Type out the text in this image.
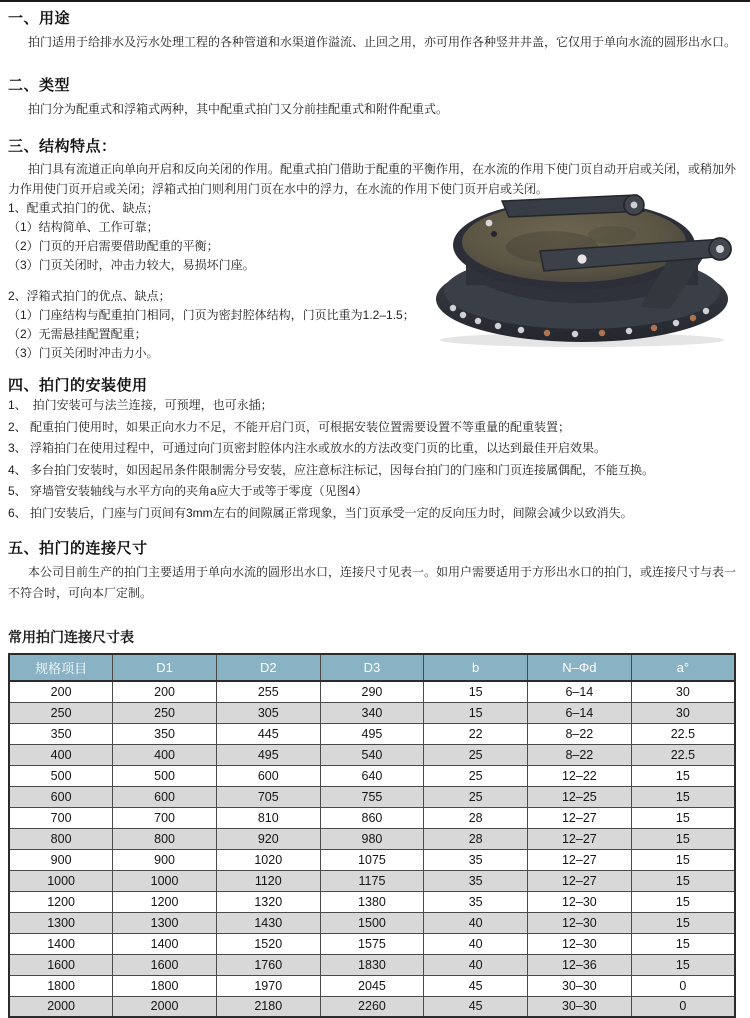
一、用途

拍门适用于给排水及污水处理工程的各种管道和水渠道作溢流、止回之用，亦可用作各种竖井井盖，它仅用于单向水流的圆形出水口。

二、类型

拍门分为配重式和浮箱式两种，其中配重式拍门又分前挂配重式和附件配重式。

三、结构特点：

拍门具有流道正向单向开启和反向关闭的作用。配重式拍门借助于配重的平衡作用，在水流的作用下使门页自动开启或关闭，或稍加外力作用使门页开启或关闭；浮箱式拍门则利用门页在水中的浮力，在水流的作用下使门页开启或关闭。

1、配重式拍门的优、缺点；
（1）结构简单、工作可靠；
（2）门页的开启需要借助配重的平衡；
（3）门页关闭时，冲击力较大，易损坏门座。
2、浮箱式拍门的优点、缺点；
（1）门座结构与配重拍门相同，门页为密封腔体结构，门页比重为1.2–1.5；
（2）无需悬挂配置配重；
（3）门页关闭时冲击力小。
四、拍门的安装使用
1、　拍门安装可与法兰连接，可预埋，也可永插；
2、 配重拍门使用时，如果正向水力不足，不能开启门页，可根据安装位置需要设置不等重量的配重装置；
3、 浮箱拍门在使用过程中，可通过向门页密封腔体内注水或放水的方法改变门页的比重，以达到最佳开启效果。
4、 多台拍门安装时，如因起吊条件限制需分号安装，应注意标注标记，因每台拍门的门座和门页连接属偶配，不能互换。
5、 穿墙管安装轴线与水平方向的夹角a应大于或等于零度（见图4）
6、 拍门安装后，门座与门页间有3mm左右的间隙属正常现象，当门页承受一定的反向压力时，间隙会减少以致消失。
五、拍门的连接尺寸

本公司目前生产的拍门主要适用于单向水流的圆形出水口，连接尺寸见表一。如用户需要适用于方形出水口的拍门，或连接尺寸与表一不符合时，可向本厂定制。

常用拍门连接尺寸表
规格项目	D1	D2	D3	b	N–Φd	a°
200	200	255	290	15	6–14	30
250	250	305	340	15	6–14	30
350	350	445	495	22	8–22	22.5
400	400	495	540	25	8–22	22.5
500	500	600	640	25	12–22	15
600	600	705	755	25	12–25	15
700	700	810	860	28	12–27	15
800	800	920	980	28	12–27	15
900	900	1020	1075	35	12–27	15
1000	1000	1120	1175	35	12–27	15
1200	1200	1320	1380	35	12–30	15
1300	1300	1430	1500	40	12–30	15
1400	1400	1520	1575	40	12–30	15
1600	1600	1760	1830	40	12–36	15
1800	1800	1970	2045	45	30–30	0
2000	2000	2180	2260	45	30–30	0
